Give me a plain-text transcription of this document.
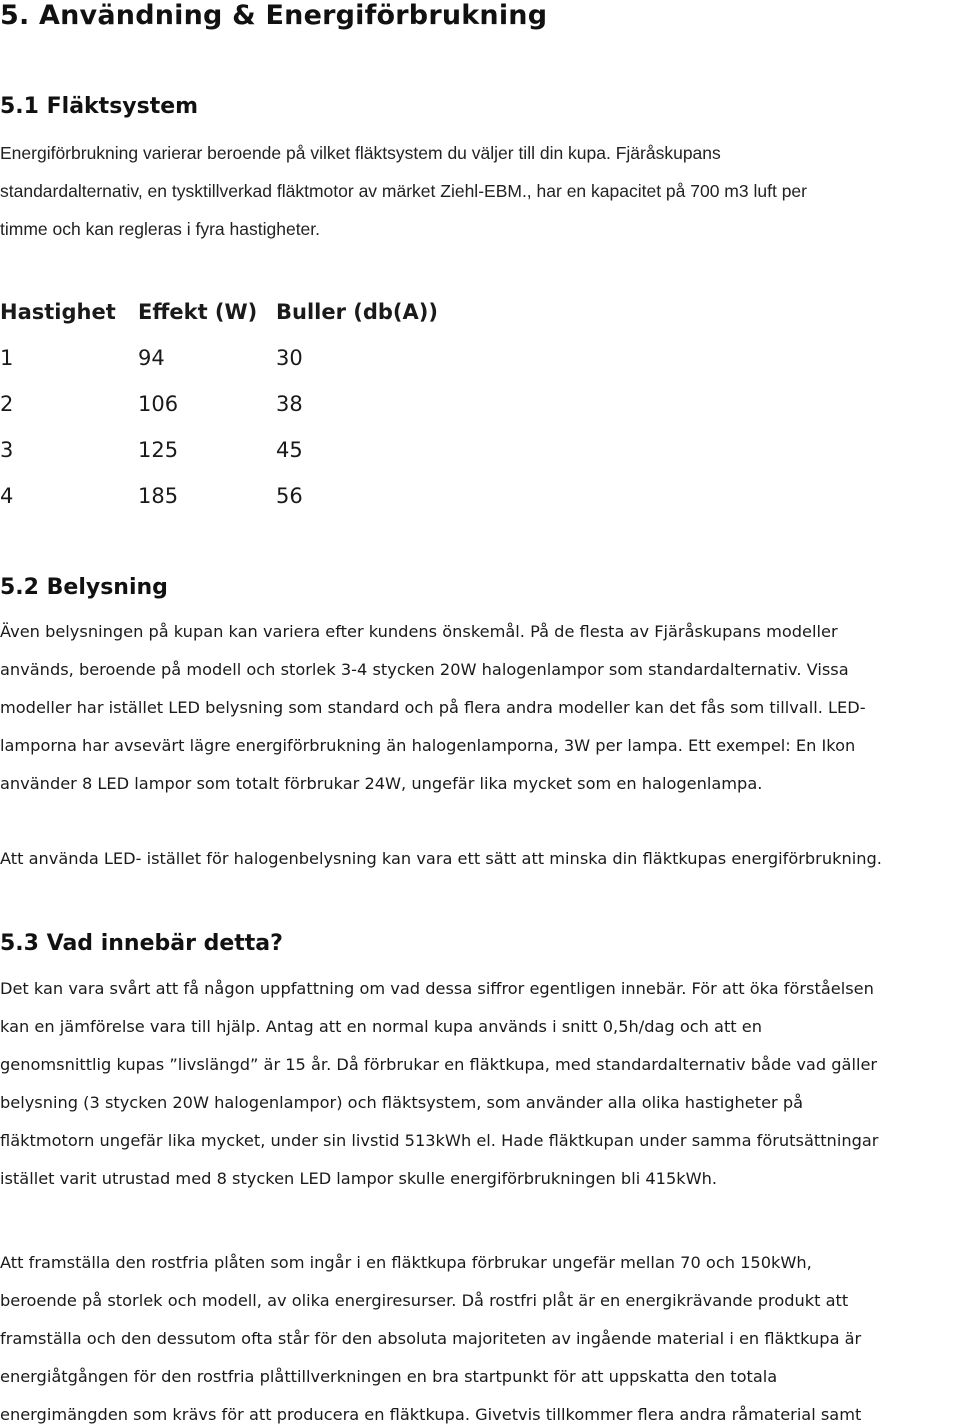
5. Användning & Energiförbrukning
5.1 Fläktsystem

Energiförbrukning varierar beroende på vilket fläktsystem du väljer till din kupa. Fjäråskupans

standardalternativ, en tysktillverkad fläktmotor av märket Ziehl-EBM., har en kapacitet på 700 m3 luft per

timme och kan regleras i fyra hastigheter.

Hastighet Effekt (W) Buller (db(A))
1	94	30
2	106	38
3	125	45
4	185	56
5.2 Belysning

Även belysningen på kupan kan variera efter kundens önskemål. På de flesta av Fjäråskupans modeller

används, beroende på modell och storlek 3-4 stycken 20W halogenlampor som standardalternativ. Vissa

modeller har istället LED belysning som standard och på flera andra modeller kan det fås som tillvall. LED-

lamporna har avsevärt lägre energiförbrukning än halogenlamporna, 3W per lampa. Ett exempel: En Ikon

använder 8 LED lampor som totalt förbrukar 24W, ungefär lika mycket som en halogenlampa.

Att använda LED- istället för halogenbelysning kan vara ett sätt att minska din fläktkupas energiförbrukning.

5.3 Vad innebär detta?

Det kan vara svårt att få någon uppfattning om vad dessa siffror egentligen innebär. För att öka förståelsen

kan en jämförelse vara till hjälp. Antag att en normal kupa används i snitt 0,5h/dag och att en

genomsnittlig kupas ”livslängd” är 15 år. Då förbrukar en fläktkupa, med standardalternativ både vad gäller

belysning (3 stycken 20W halogenlampor) och fläktsystem, som använder alla olika hastigheter på

fläktmotorn ungefär lika mycket, under sin livstid 513kWh el. Hade fläktkupan under samma förutsättningar

istället varit utrustad med 8 stycken LED lampor skulle energiförbrukningen bli 415kWh.

Att framställa den rostfria plåten som ingår i en fläktkupa förbrukar ungefär mellan 70 och 150kWh,

beroende på storlek och modell, av olika energiresurser. Då rostfri plåt är en energikrävande produkt att

framställa och den dessutom ofta står för den absoluta majoriteten av ingående material i en fläktkupa är

energiåtgången för den rostfria plåttillverkningen en bra startpunkt för att uppskatta den totala

energimängden som krävs för att producera en fläktkupa. Givetvis tillkommer flera andra råmaterial samt
